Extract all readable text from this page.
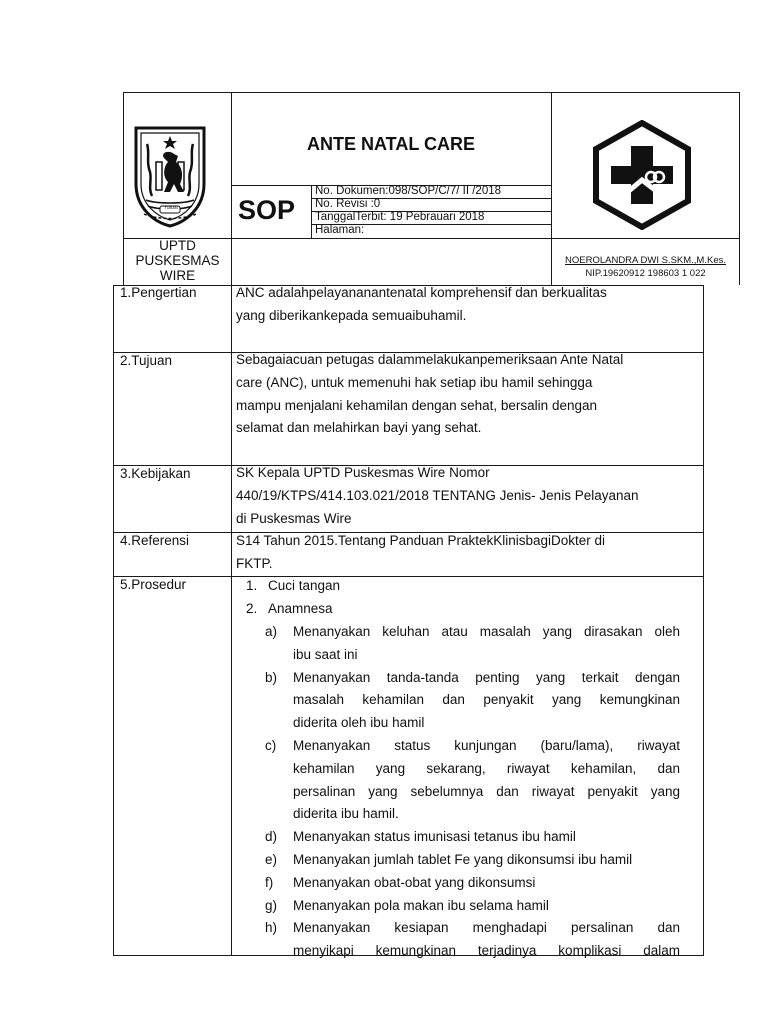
TUBAN
ANTE NATAL CARE
SOP
No. Dokumen:098/SOP/C/7/ II /2018
No. Revisi :0
TanggalTerbit: 19 Pebrauari 2018
Halaman:
UPTD
PUSKESMAS
WIRE
NOEROLANDRA DWI S.SKM.,M.Kes.
NIP.19620912 198603 1 022
1.Pengertian
2.Tujuan
3.Kebijakan
4.Referensi
5.Prosedur
ANC adalahpelayananantenatal komprehensif dan berkualitas
yang diberikankepada semuaibuhamil.
Sebagaiacuan petugas dalammelakukanpemeriksaan Ante Natal
care (ANC), untuk memenuhi hak setiap ibu hamil sehingga
mampu menjalani kehamilan dengan sehat, bersalin dengan
selamat dan melahirkan bayi yang sehat.
SK Kepala UPTD Puskesmas Wire Nomor
440/19/KTPS/414.103.021/2018 TENTANG Jenis- Jenis Pelayanan
di Puskesmas Wire
S14 Tahun 2015.Tentang Panduan PraktekKlinisbagiDokter di
FKTP.
1. Cuci tangan
2. Anamnesa
a) Menanyakan keluhan atau masalah yang dirasakan oleh
ibu saat ini
b) Menanyakan tanda-tanda penting yang terkait dengan
masalah kehamilan dan penyakit yang kemungkinan
diderita oleh ibu hamil
c) Menanyakan status kunjungan (baru/lama), riwayat
kehamilan yang sekarang, riwayat kehamilan, dan
persalinan yang sebelumnya dan riwayat penyakit yang
diderita ibu hamil.
d) Menanyakan status imunisasi tetanus ibu hamil
e) Menanyakan jumlah tablet Fe yang dikonsumsi ibu hamil
f) Menanyakan obat-obat yang dikonsumsi
g) Menanyakan pola makan ibu selama hamil
h) Menanyakan kesiapan menghadapi persalinan dan
menyikapi kemungkinan terjadinya komplikasi dalam
